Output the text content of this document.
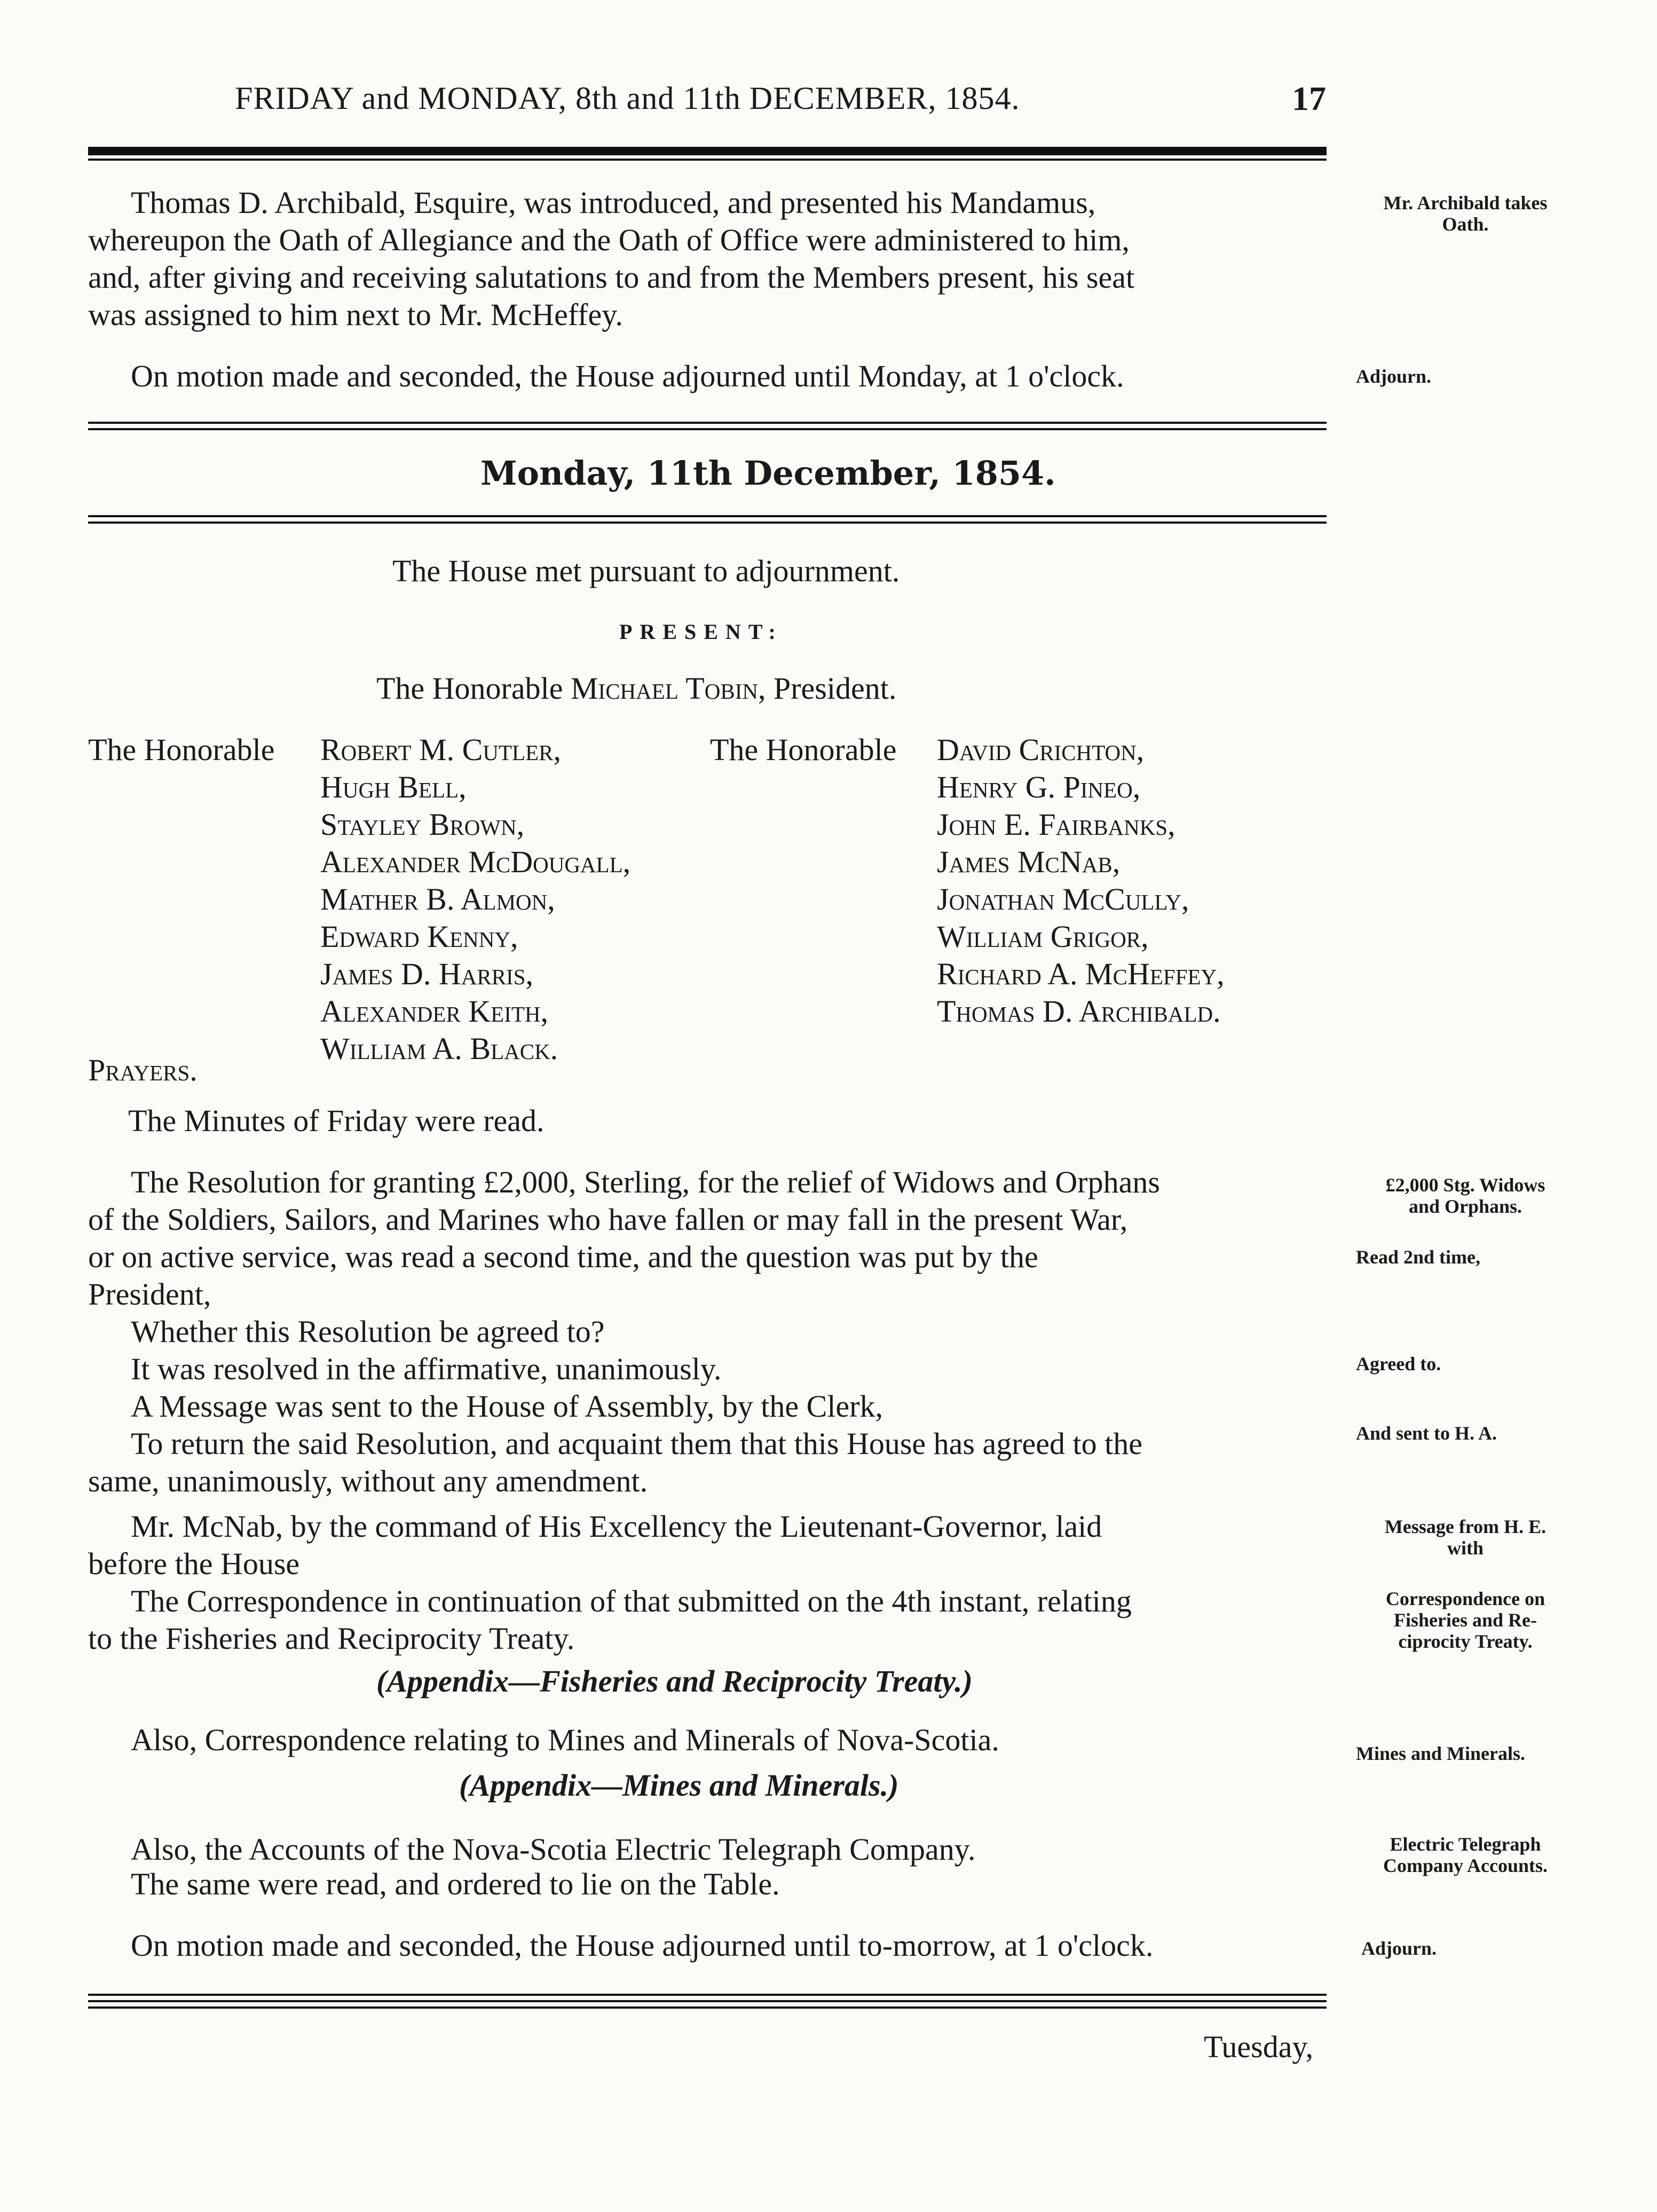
FRIDAY and MONDAY, 8th and 11th DECEMBER, 1854.	17
Thomas D. Archibald, Esquire, was introduced, and presented his Mandamus,
whereupon the Oath of Allegiance and the Oath of Office were administered to him,
and, after giving and receiving salutations to and from the Members present, his seat
was assigned to him next to Mr. McHeffey.
Mr. Archibald takes
Oath.
On motion made and seconded, the House adjourned until Monday, at 1 o'clock.	Adjourn.
Monday, 11th December, 1854.
The House met pursuant to adjournment.
PRESENT:
The Honorable Michael Tobin, President.
The Honorable Robert M. Cutler,
Hugh Bell,
Stayley Brown,
Alexander McDougall,
Mather B. Almon,
Edward Kenny,
James D. Harris,
Alexander Keith,
William A. Black.
The Honorable David Crichton,
Henry G. Pineo,
John E. Fairbanks,
James McNab,
Jonathan McCully,
William Grigor,
Richard A. McHeffey,
Thomas D. Archibald.
Prayers.
The Minutes of Friday were read.
The Resolution for granting £2,000, Sterling, for the relief of Widows and Orphans
of the Soldiers, Sailors, and Marines who have fallen or may fall in the present War,
or on active service, was read a second time, and the question was put by the
President,
Whether this Resolution be agreed to?
It was resolved in the affirmative, unanimously.
A Message was sent to the House of Assembly, by the Clerk,
To return the said Resolution, and acquaint them that this House has agreed to the
same, unanimously, without any amendment.
£2,000 Stg. Widows
and Orphans.
Read 2nd time,
Agreed to.
And sent to H. A.
Mr. McNab, by the command of His Excellency the Lieutenant-Governor, laid
before the House
The Correspondence in continuation of that submitted on the 4th instant, relating
to the Fisheries and Reciprocity Treaty.
Message from H. E.
with
Correspondence on
Fisheries and Re-
ciprocity Treaty.
(Appendix—Fisheries and Reciprocity Treaty.)
Also, Correspondence relating to Mines and Minerals of Nova-Scotia.	Mines and Minerals.
(Appendix—Mines and Minerals.)
Also, the Accounts of the Nova-Scotia Electric Telegraph Company.
The same were read, and ordered to lie on the Table.
Electric Telegraph
Company Accounts.
On motion made and seconded, the House adjourned until to-morrow, at 1 o'clock.	Adjourn.
Tuesday,
